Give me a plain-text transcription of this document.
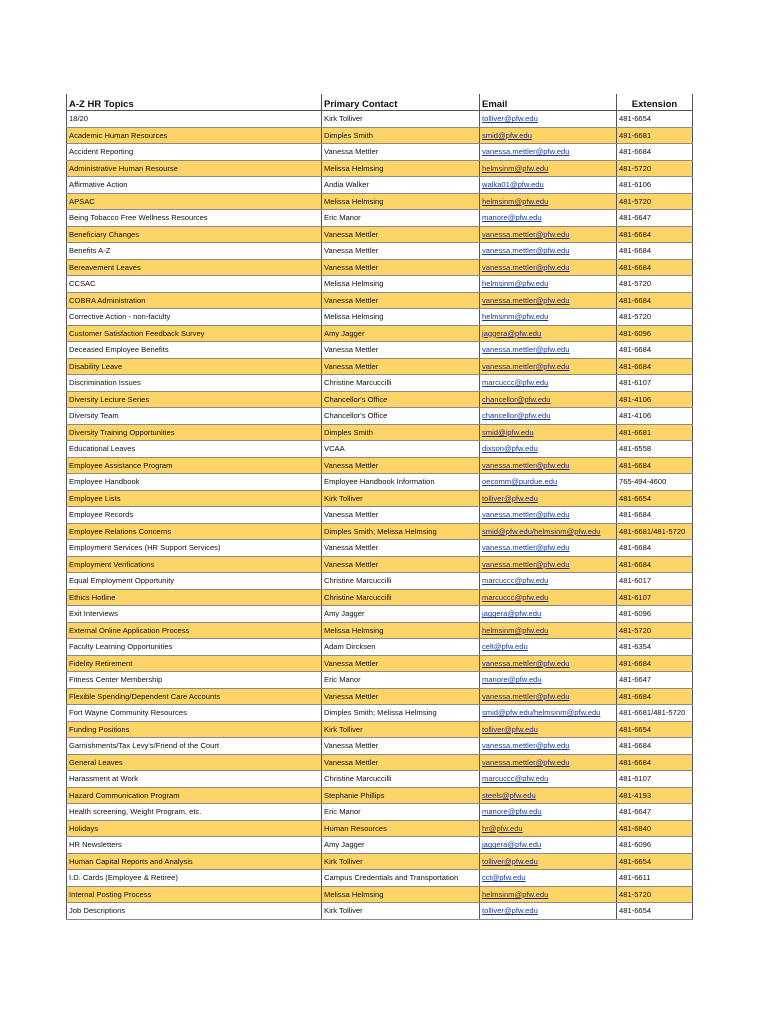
A-Z HR Topics	Primary Contact	Email	Extension
18/20	Kirk Tolliver	tolliver@pfw.edu	481-6654
Academic Human Resources	Dimples Smith	smid@pfw.edu	481-6681
Accident Reporting	Vanessa Mettler	vanessa.mettler@pfw.edu	481-6684
Administrative Human Resourse	Melissa Helmsing	helmsinm@pfw.edu	481-5720
Affirmative Action	Andia Walker	walka01@pfw.edu	481-6106
APSAC	Melissa Helmsing	helmsinm@pfw.edu	481-5720
Being Tobacco Free Wellness Resources	Eric Manor	manore@pfw.edu	481-6647
Beneficiary Changes	Vanessa Mettler	vanessa.mettler@pfw.edu	481-6684
Benefits A-Z	Vanessa Mettler	vanessa.mettler@pfw.edu	481-6684
Bereavement Leaves	Vanessa Mettler	vanessa.mettler@pfw.edu	481-6684
CCSAC	Melissa Helmsing	helmsinm@pfw.edu	481-5720
COBRA Administration	Vanessa Mettler	vanessa.mettler@pfw.edu	481-6684
Corrective Action - non-faculty	Melissa Helmsing	helmsinm@pfw.edu	481-5720
Customer Satisfaction Feedback Survey	Amy Jagger	jaggera@pfw.edu	481-6096
Deceased Employee Benefits	Vanessa Mettler	vanessa.mettler@pfw.edu	481-6684
Disability Leave	Vanessa Mettler	vanessa.mettler@pfw.edu	481-6684
Discrimination Issues	Christine Marcuccilli	marcuccc@pfw.edu	481-6107
Diversity Lecture Series	Chancellor's Office	chancellor@pfw.edu	481-4106
Diversity Team	Chancellor's Office	chancellor@pfw.edu	481-4106
Diversity Training Opportunities	Dimples Smith	smid@ipfw.edu	481-6681
Educational Leaves	VCAA	dixson@pfw.edu	481-6558
Employee Assistance Program	Vanessa Mettler	vanessa.mettler@pfw.edu	481-6684
Employee Handbook	Employee Handbook Information	oecomm@purdue.edu	765-494-4600
Employee Lists	Kirk Tolliver	tolliver@pfw.edu	481-6654
Employee Records	Vanessa Mettler	vanessa.mettler@pfw.edu	481-6684
Employee Relations Concerns	Dimples Smith; Melissa Helmsing	smid@pfw.edu/helmsinm@pfw.edu	481-6681/481-5720
Employment Services (HR Support Services)	Vanessa Mettler	vanessa.mettler@pfw.edu	481-6684
Employment Verifications	Vanessa Mettler	vanessa.mettler@pfw.edu	481-6684
Equal Employment Opportunity	Christine Marcuccilli	marcuccc@pfw.edu	481-6017
Ethics Hotline	Christine Marcuccilli	marcuccc@pfw.edu	481-6107
Exit Interviews	Amy Jagger	jaggera@pfw.edu	481-6096
External Online Application Process	Melissa Helmsing	helmsinm@pfw.edu	481-5720
Faculty Learning Opportunities	Adam Dircksen	celt@pfw.edu	481-6354
Fidelity Retirement	Vanessa Mettler	vanessa.mettler@pfw.edu	481-6684
Fitness Center Membership	Eric Manor	manore@pfw.edu	481-6647
Flexible Spending/Dependent Care Accounts	Vanessa Mettler	vanessa.mettler@pfw.edu	481-6684
Fort Wayne Community Resources	Dimples Smith; Melissa Helmsing	smid@pfw.edu/helmsinm@pfw.edu	481-6681/481-5720
Funding Positions	Kirk Tolliver	tolliver@pfw.edu	481-6654
Garnishments/Tax Levy's/Friend of the Court	Vanessa Mettler	vanessa.mettler@pfw.edu	481-6684
General Leaves	Vanessa Mettler	vanessa.mettler@pfw.edu	481-6684
Harassment at Work	Christine Marcuccilli	marcuccc@pfw.edu	481-6107
Hazard Communication Program	Stephanie Phillips	steels@pfw.edu	481-4193
Health screening, Weight Program, etc.	Eric Manor	manore@pfw.edu	481-6647
Holidays	Human Resources	hr@pfw.edu	481-6840
HR Newsletters	Amy Jagger	jaggera@pfw.edu	481-6096
Human Capital Reports and Analysis	Kirk Tolliver	tolliver@pfw.edu	481-6654
I.D. Cards (Employee & Retiree)	Campus Credentials and Transportation	cct@pfw.edu	481-6611
Internal Posting Process	Melissa Helmsing	helmsinm@pfw.edu	481-5720
Job Descriptions	Kirk Tolliver	tolliver@pfw.edu	481-6654
